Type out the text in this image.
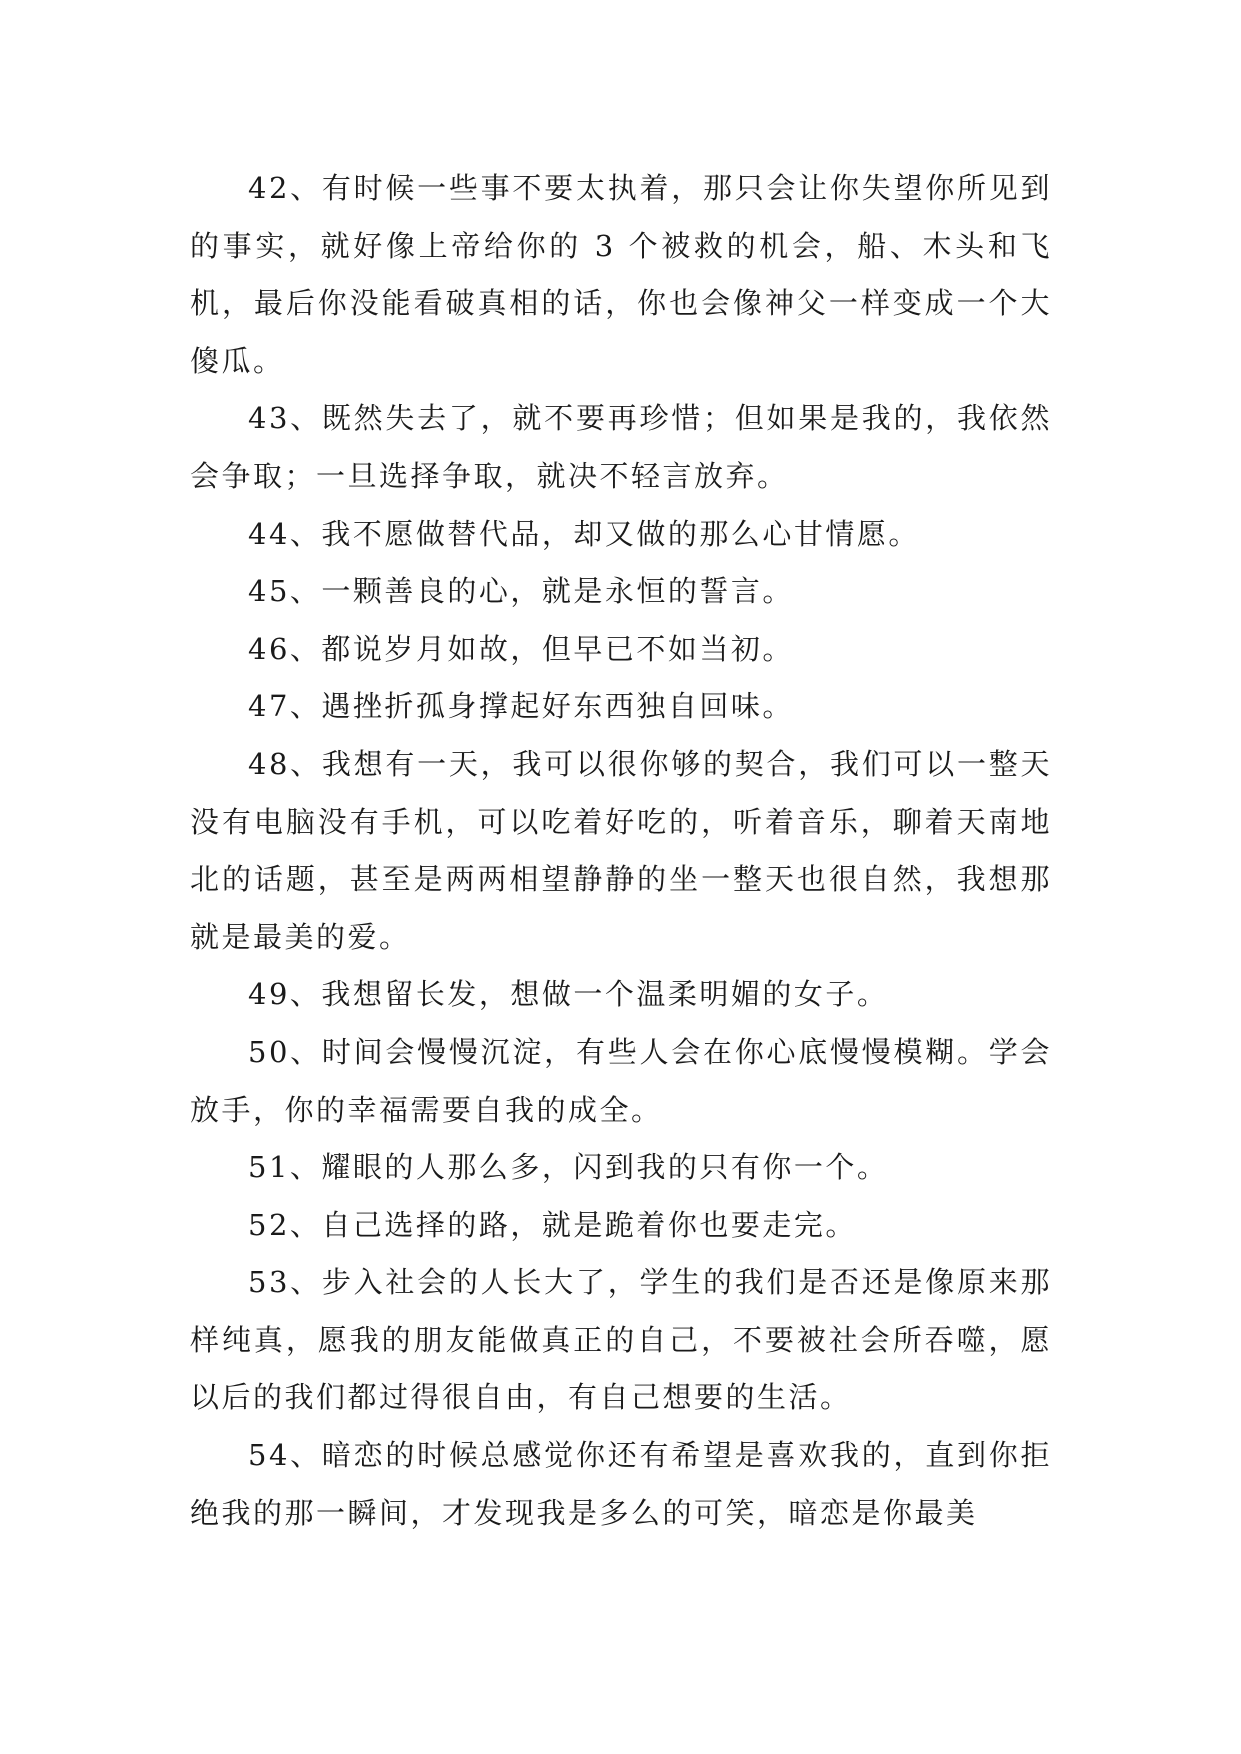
42、有时候一些事不要太执着，那只会让你失望你所见到的事实，就好像上帝给你的 3 个被救的机会，船、木头和飞机，最后你没能看破真相的话，你也会像神父一样变成一个大傻瓜。

43、既然失去了，就不要再珍惜；但如果是我的，我依然会争取；一旦选择争取，就决不轻言放弃。

44、我不愿做替代品，却又做的那么心甘情愿。

45、一颗善良的心，就是永恒的誓言。

46、都说岁月如故，但早已不如当初。

47、遇挫折孤身撑起好东西独自回味。

48、我想有一天，我可以很你够的契合，我们可以一整天没有电脑没有手机，可以吃着好吃的，听着音乐，聊着天南地北的话题，甚至是两两相望静静的坐一整天也很自然，我想那就是最美的爱。

49、我想留长发，想做一个温柔明媚的女子。

50、时间会慢慢沉淀，有些人会在你心底慢慢模糊。学会放手，你的幸福需要自我的成全。

51、耀眼的人那么多，闪到我的只有你一个。

52、自己选择的路，就是跪着你也要走完。

53、步入社会的人长大了，学生的我们是否还是像原来那样纯真，愿我的朋友能做真正的自己，不要被社会所吞噬，愿以后的我们都过得很自由，有自己想要的生活。

54、暗恋的时候总感觉你还有希望是喜欢我的，直到你拒绝我的那一瞬间，才发现我是多么的可笑，暗恋是你最美
